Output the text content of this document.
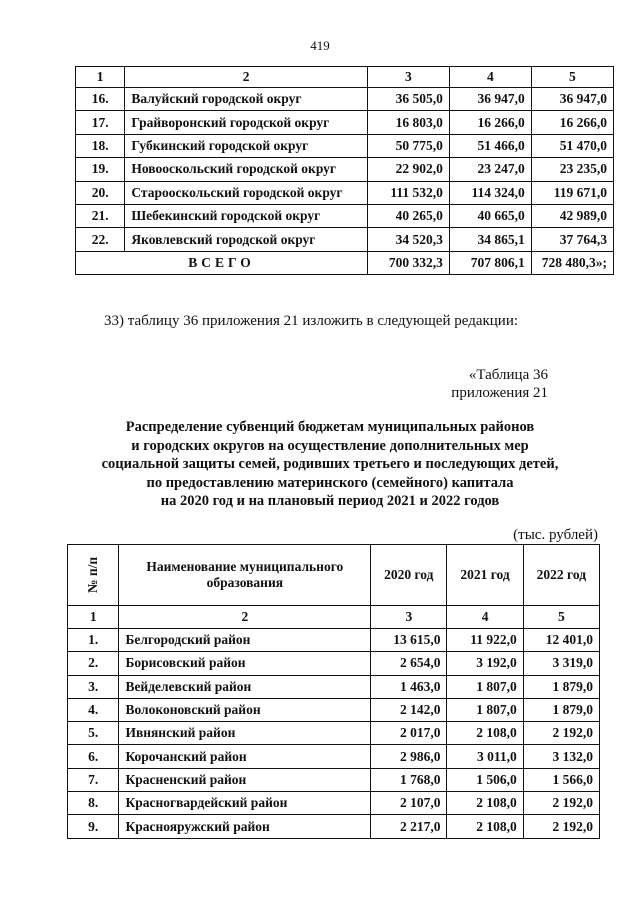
419
1	2	3	4	5
16.	Валуйский городской округ	36 505,0	36 947,0	36 947,0
17.	Грайворонский городской округ	16 803,0	16 266,0	16 266,0
18.	Губкинский городской округ	50 775,0	51 466,0	51 470,0
19.	Новооскольский городской округ	22 902,0	23 247,0	23 235,0
20.	Старооскольский городской округ	111 532,0	114 324,0	119 671,0
21.	Шебекинский городской округ	40 265,0	40 665,0	42 989,0
22.	Яковлевский городской округ	34 520,3	34 865,1	37 764,3
ВСЕГО		700 332,3	707 806,1	728 480,3»;
33) таблицу 36 приложения 21 изложить в следующей редакции:
«Таблица 36
приложения 21
Распределение субвенций бюджетам муниципальных районов
и городских округов на осуществление дополнительных мер
социальной защиты семей, родивших третьего и последующих детей,
по предоставлению материнского (семейного) капитала
на 2020 год и на плановый период 2021 и 2022 годов
(тыс. рублей)
№ п/п	Наименование муниципального образования	2020 год	2021 год	2022 год
1	2	3	4	5
1.	Белгородский район	13 615,0	11 922,0	12 401,0
2.	Борисовский район	2 654,0	3 192,0	3 319,0
3.	Вейделевский район	1 463,0	1 807,0	1 879,0
4.	Волоконовский район	2 142,0	1 807,0	1 879,0
5.	Ивнянский район	2 017,0	2 108,0	2 192,0
6.	Корочанский район	2 986,0	3 011,0	3 132,0
7.	Красненский район	1 768,0	1 506,0	1 566,0
8.	Красногвардейский район	2 107,0	2 108,0	2 192,0
9.	Краснояружский район	2 217,0	2 108,0	2 192,0
